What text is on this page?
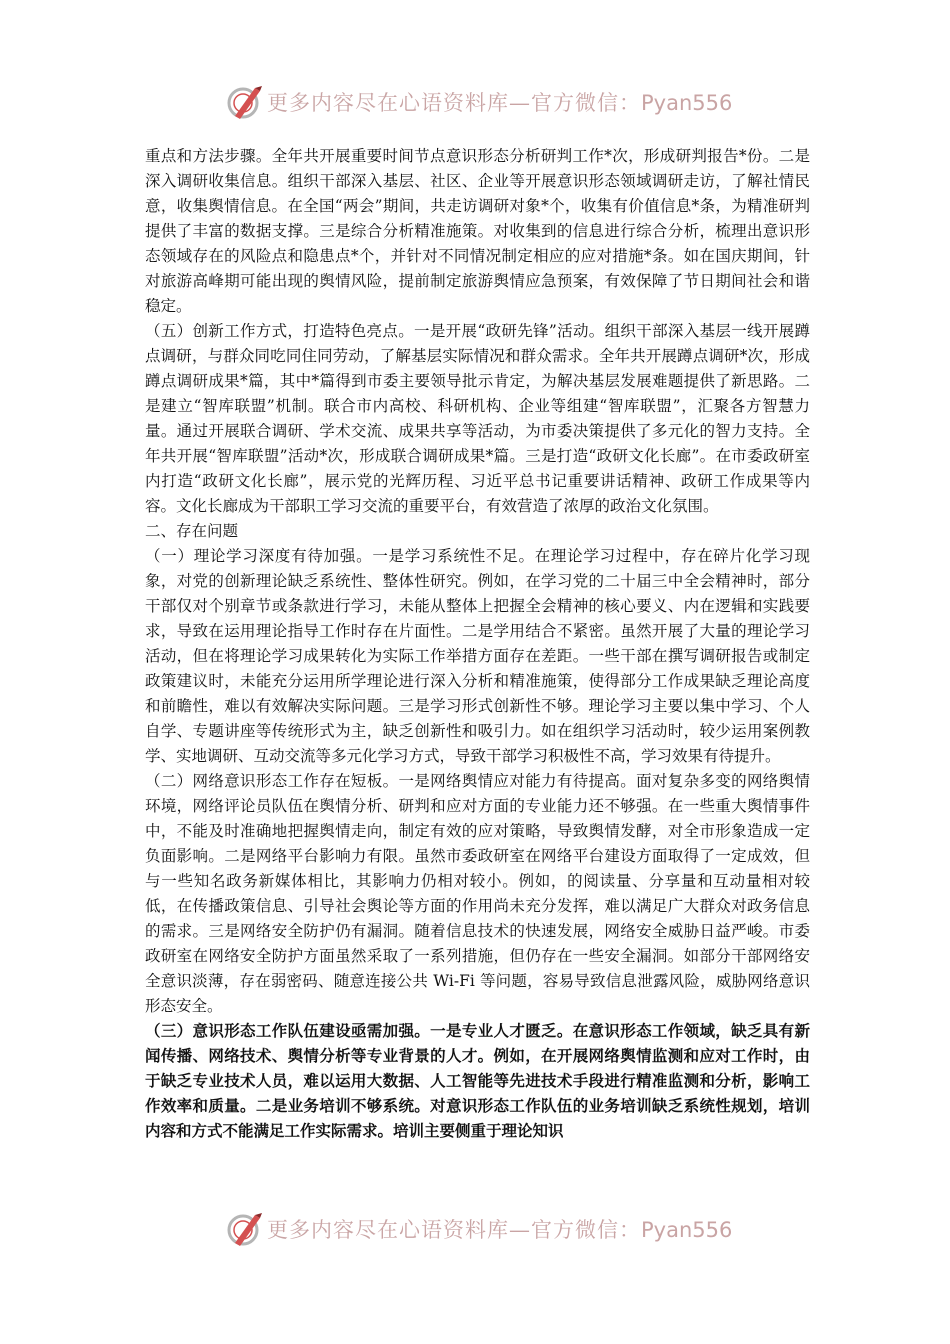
更多内容尽在心语资料库—官方微信：Pyan556

重点和方法步骤。全年共开展重要时间节点意识形态分析研判工作*次，形成研判报告*份。二是深入调研收集信息。组织干部深入基层、社区、企业等开展意识形态领域调研走访，了解社情民意，收集舆情信息。在全国“两会”期间，共走访调研对象*个，收集有价值信息*条，为精准研判提供了丰富的数据支撑。三是综合分析精准施策。对收集到的信息进行综合分析，梳理出意识形态领域存在的风险点和隐患点*个，并针对不同情况制定相应的应对措施*条。如在国庆期间，针对旅游高峰期可能出现的舆情风险，提前制定旅游舆情应急预案，有效保障了节日期间社会和谐稳定。

（五）创新工作方式，打造特色亮点。一是开展“政研先锋”活动。组织干部深入基层一线开展蹲点调研，与群众同吃同住同劳动，了解基层实际情况和群众需求。全年共开展蹲点调研*次，形成蹲点调研成果*篇，其中*篇得到市委主要领导批示肯定，为解决基层发展难题提供了新思路。二是建立“智库联盟”机制。联合市内高校、科研机构、企业等组建“智库联盟”，汇聚各方智慧力量。通过开展联合调研、学术交流、成果共享等活动，为市委决策提供了多元化的智力支持。全年共开展“智库联盟”活动*次，形成联合调研成果*篇。三是打造“政研文化长廊”。在市委政研室内打造“政研文化长廊”，展示党的光辉历程、习近平总书记重要讲话精神、政研工作成果等内容。文化长廊成为干部职工学习交流的重要平台，有效营造了浓厚的政治文化氛围。

二、存在问题

（一）理论学习深度有待加强。一是学习系统性不足。在理论学习过程中，存在碎片化学习现象，对党的创新理论缺乏系统性、整体性研究。例如，在学习党的二十届三中全会精神时，部分干部仅对个别章节或条款进行学习，未能从整体上把握全会精神的核心要义、内在逻辑和实践要求，导致在运用理论指导工作时存在片面性。二是学用结合不紧密。虽然开展了大量的理论学习活动，但在将理论学习成果转化为实际工作举措方面存在差距。一些干部在撰写调研报告或制定政策建议时，未能充分运用所学理论进行深入分析和精准施策，使得部分工作成果缺乏理论高度和前瞻性，难以有效解决实际问题。三是学习形式创新性不够。理论学习主要以集中学习、个人自学、专题讲座等传统形式为主，缺乏创新性和吸引力。如在组织学习活动时，较少运用案例教学、实地调研、互动交流等多元化学习方式，导致干部学习积极性不高，学习效果有待提升。

（二）网络意识形态工作存在短板。一是网络舆情应对能力有待提高。面对复杂多变的网络舆情环境，网络评论员队伍在舆情分析、研判和应对方面的专业能力还不够强。在一些重大舆情事件中，不能及时准确地把握舆情走向，制定有效的应对策略，导致舆情发酵，对全市形象造成一定负面影响。二是网络平台影响力有限。虽然市委政研室在网络平台建设方面取得了一定成效，但与一些知名政务新媒体相比，其影响力仍相对较小。例如，的阅读量、分享量和互动量相对较低，在传播政策信息、引导社会舆论等方面的作用尚未充分发挥，难以满足广大群众对政务信息的需求。三是网络安全防护仍有漏洞。随着信息技术的快速发展，网络安全威胁日益严峻。市委政研室在网络安全防护方面虽然采取了一系列措施，但仍存在一些安全漏洞。如部分干部网络安全意识淡薄，存在弱密码、随意连接公共 Wi-Fi 等问题，容易导致信息泄露风险，威胁网络意识形态安全。

（三）意识形态工作队伍建设亟需加强。一是专业人才匮乏。在意识形态工作领域，缺乏具有新闻传播、网络技术、舆情分析等专业背景的人才。例如，在开展网络舆情监测和应对工作时，由于缺乏专业技术人员，难以运用大数据、人工智能等先进技术手段进行精准监测和分析，影响工作效率和质量。二是业务培训不够系统。对意识形态工作队伍的业务培训缺乏系统性规划，培训内容和方式不能满足工作实际需求。培训主要侧重于理论知识

更多内容尽在心语资料库—官方微信：Pyan556
